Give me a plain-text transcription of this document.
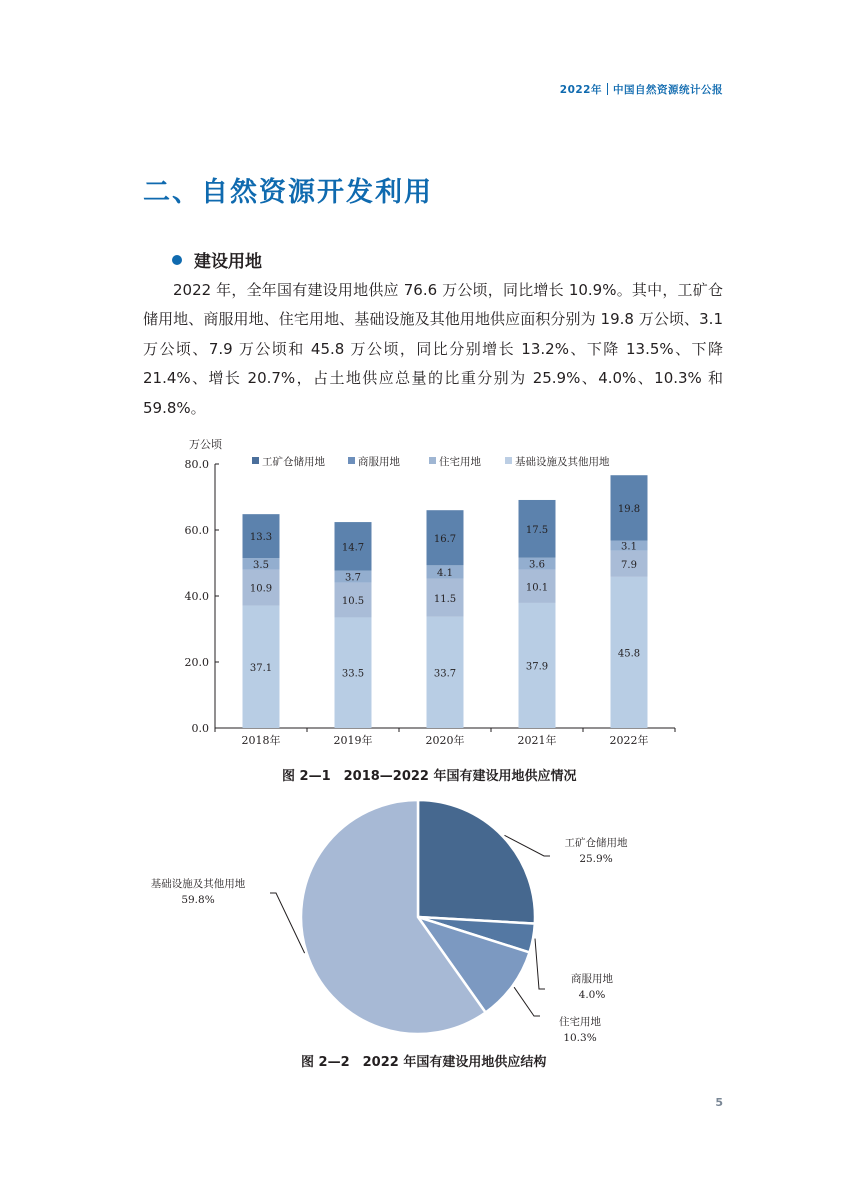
2022年 中国自然资源统计公报
二、自然资源开发利用
建设用地

2022 年，全年国有建设用地供应 76.6 万公顷，同比增长 10.9%。其中，工矿仓储用地、商服用地、住宅用地、基础设施及其他用地供应面积分别为 19.8 万公顷、3.1 万公顷、7.9 万公顷和 45.8 万公顷，同比分别增长 13.2%、下降 13.5%、下降 21.4%、增长 20.7%，占土地供应总量的比重分别为 25.9%、4.0%、10.3% 和 59.8%。

万公顷
0.0
20.0
40.0
60.0
80.0
37.1
10.9
3.5
13.3
2018年
33.5
10.5
3.7
14.7
2019年
33.7
11.5
4.1
16.7
2020年
37.9
10.1
3.6
17.5
2021年
45.8
7.9
3.1
19.8
2022年
工矿仓储用地	商服用地	住宅用地	基础设施及其他用地
图 2—1　2018—2022 年国有建设用地供应情况
工矿仓储用地
25.9%
商服用地
4.0%
住宅用地
10.3%
基础设施及其他用地
59.8%
图 2—2　2022 年国有建设用地供应结构
5
